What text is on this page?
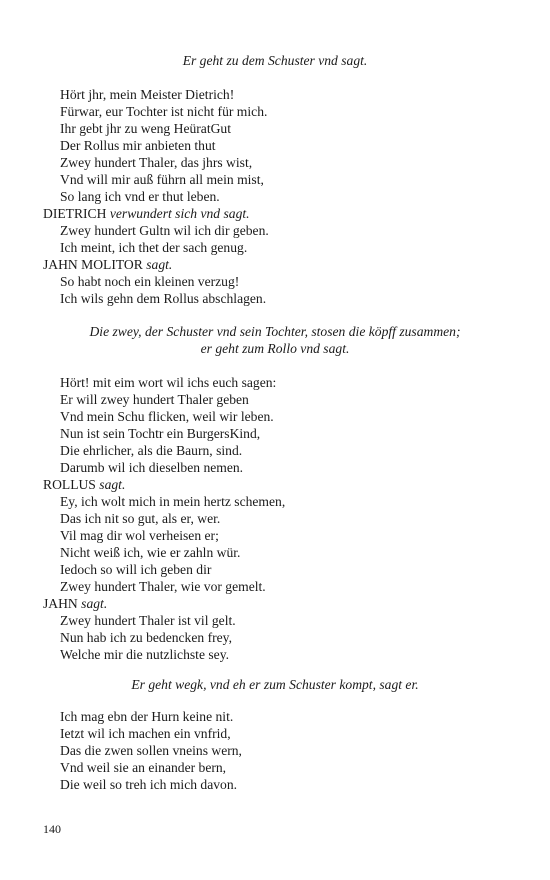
Er geht zu dem Schuster vnd sagt.
Hört jhr, mein Meister Dietrich!
Fürwar, eur Tochter ist nicht für mich.
Ihr gebt jhr zu weng HeüratGut
Der Rollus mir anbieten thut
Zwey hundert Thaler, das jhrs wist,
Vnd will mir auß führn all mein mist,
So lang ich vnd er thut leben.
DIETRICH verwundert sich vnd sagt.
Zwey hundert Gultn wil ich dir geben.
Ich meint, ich thet der sach genug.
JAHN MOLITOR sagt.
So habt noch ein kleinen verzug!
Ich wils gehn dem Rollus abschlagen.
Die zwey, der Schuster vnd sein Tochter, stosen die köpff zusammen;
er geht zum Rollo vnd sagt.
Hört! mit eim wort wil ichs euch sagen:
Er will zwey hundert Thaler geben
Vnd mein Schu flicken, weil wir leben.
Nun ist sein Tochtr ein BurgersKind,
Die ehrlicher, als die Baurn, sind.
Darumb wil ich dieselben nemen.
ROLLUS sagt.
Ey, ich wolt mich in mein hertz schemen,
Das ich nit so gut, als er, wer.
Vil mag dir wol verheisen er;
Nicht weiß ich, wie er zahln wür.
Iedoch so will ich geben dir
Zwey hundert Thaler, wie vor gemelt.
JAHN sagt.
Zwey hundert Thaler ist vil gelt.
Nun hab ich zu bedencken frey,
Welche mir die nutzlichste sey.
Er geht wegk, vnd eh er zum Schuster kompt, sagt er.
Ich mag ebn der Hurn keine nit.
Ietzt wil ich machen ein vnfrid,
Das die zwen sollen vneins wern,
Vnd weil sie an einander bern,
Die weil so treh ich mich davon.
140
